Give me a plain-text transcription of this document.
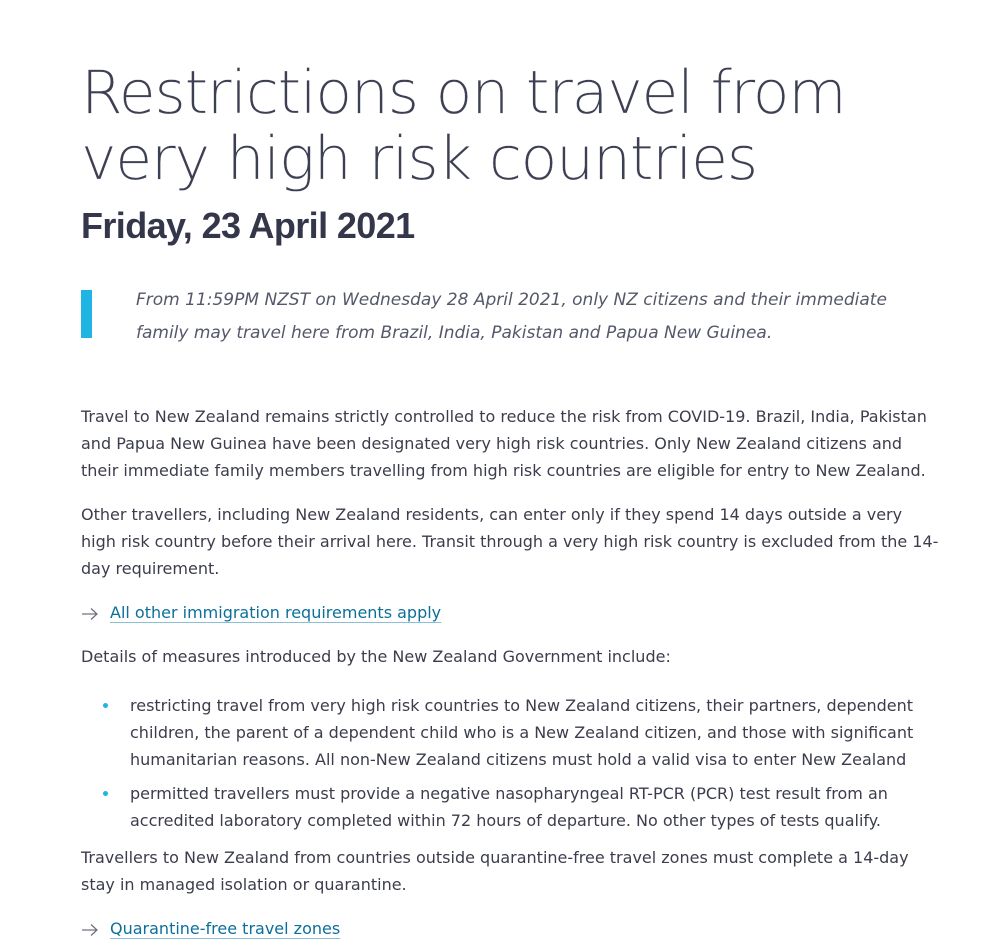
Restrictions on travel from very high risk countries
Friday, 23 April 2021

From 11:59PM NZST on Wednesday 28 April 2021, only NZ citizens and their immediate family may travel here from Brazil, India, Pakistan and Papua New Guinea.

Travel to New Zealand remains strictly controlled to reduce the risk from COVID-19. Brazil, India, Pakistan and Papua New Guinea have been designated very high risk countries. Only New Zealand citizens and their immediate family members travelling from high risk countries are eligible for entry to New Zealand.

Other travellers, including New Zealand residents, can enter only if they spend 14 days outside a very high risk country before their arrival here. Transit through a very high risk country is excluded from the 14-day requirement.

All other immigration requirements apply

Details of measures introduced by the New Zealand Government include:

restricting travel from very high risk countries to New Zealand citizens, their partners, dependent children, the parent of a dependent child who is a New Zealand citizen, and those with significant humanitarian reasons. All non-New Zealand citizens must hold a valid visa to enter New Zealand
permitted travellers must provide a negative nasopharyngeal RT-PCR (PCR) test result from an accredited laboratory completed within 72 hours of departure. No other types of tests qualify.

Travellers to New Zealand from countries outside quarantine-free travel zones must complete a 14-day stay in managed isolation or quarantine.

Quarantine-free travel zones
